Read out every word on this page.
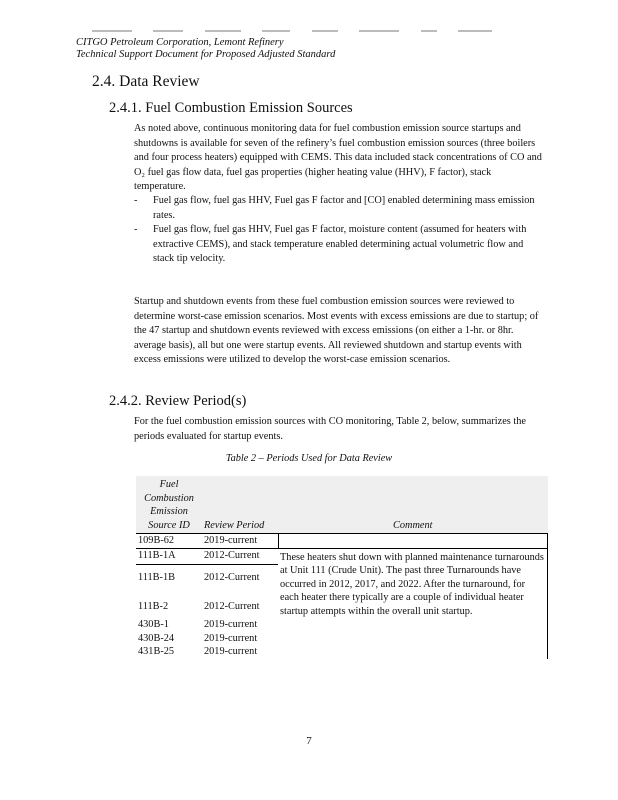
CITGO Petroleum Corporation, Lemont Refinery
Technical Support Document for Proposed Adjusted Standard
2.4. Data Review
2.4.1. Fuel Combustion Emission Sources

As noted above, continuous monitoring data for fuel combustion emission source startups and shutdowns is available for seven of the refinery’s fuel combustion emission sources (three boilers and four process heaters) equipped with CEMS. This data included stack concentrations of CO and O₂ fuel gas flow data, fuel gas properties (higher heating value (HHV), F factor), stack temperature.

- Fuel gas flow, fuel gas HHV, Fuel gas F factor and [CO] enabled determining mass emission rates.
- Fuel gas flow, fuel gas HHV, Fuel gas F factor, moisture content (assumed for heaters with extractive CEMS), and stack temperature enabled determining actual volumetric flow and stack tip velocity.

Startup and shutdown events from these fuel combustion emission sources were reviewed to determine worst-case emission scenarios. Most events with excess emissions are due to startup; of the 47 startup and shutdown events reviewed with excess emissions (on either a 1-hr. or 8hr. average basis), all but one were startup events. All reviewed shutdown and startup events with excess emissions were utilized to develop the worst-case emission scenarios.

2.4.2. Review Period(s)

For the fuel combustion emission sources with CO monitoring, Table 2, below, summarizes the periods evaluated for startup events.

Table 2 – Periods Used for Data Review
Fuel Combustion Emission Source ID	Review Period	Comment
109B-62	2019-current	
111B-1A	2012-Current	These heaters shut down with planned maintenance turnarounds at Unit 111 (Crude Unit). The past three Turnarounds have occurred in 2012, 2017, and 2022. After the turnaround, for each heater there typically are a couple of individual heater startup attempts within the overall unit startup.
111B-1B	2012-Current	
111B-2	2012-Current	
430B-1	2019-current	
430B-24	2019-current	
431B-25	2019-current	
7
